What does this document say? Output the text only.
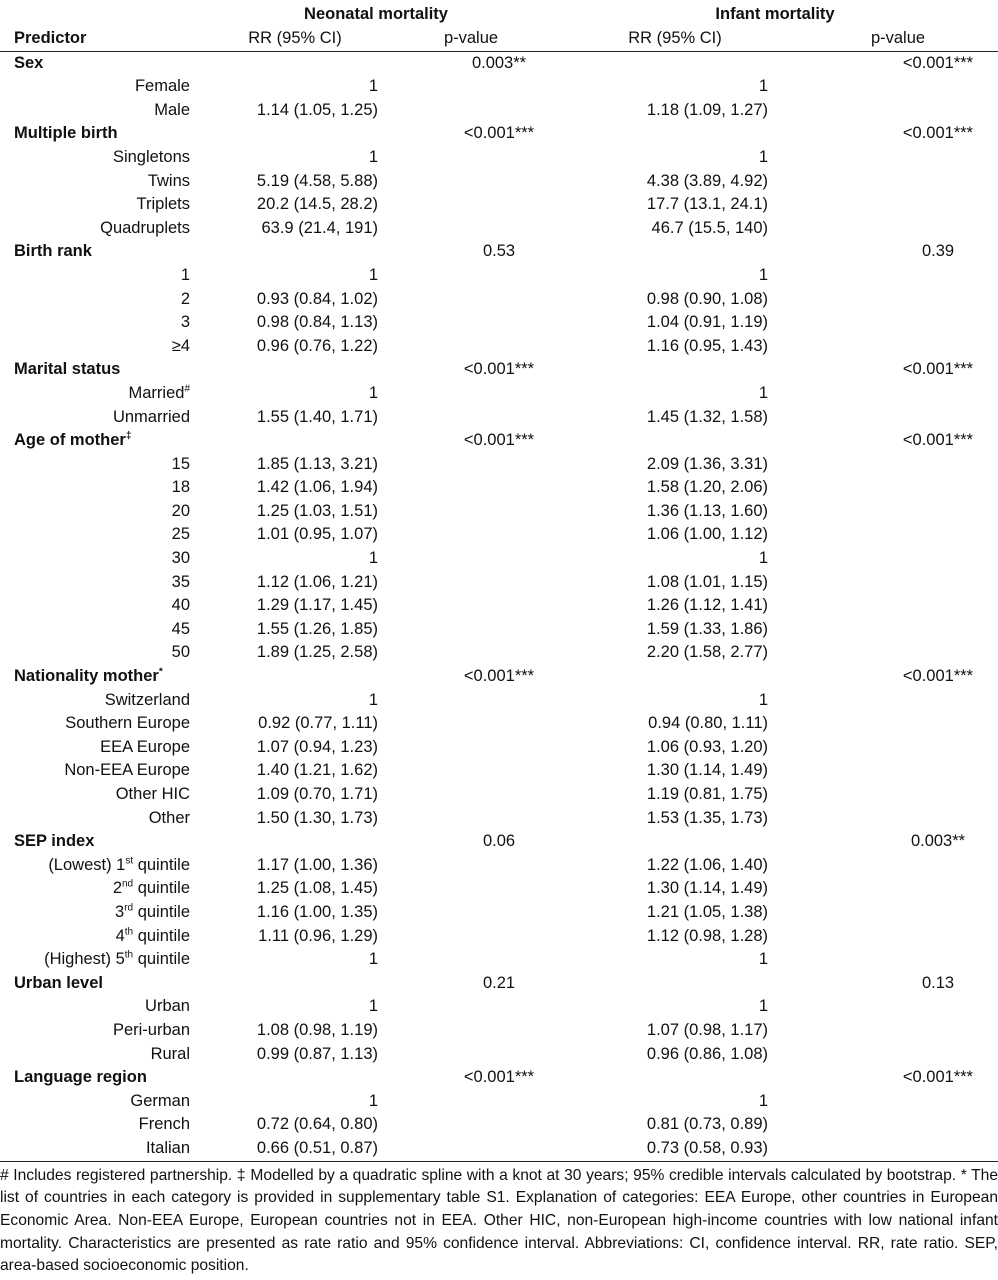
	Neonatal mortality		Infant mortality	
Predictor	RR (95% CI)	p-value	RR (95% CI)	p-value
Sex		0.003**		<0.001***
Female	1		1	
Male	1.14 (1.05, 1.25)		1.18 (1.09, 1.27)	
Multiple birth		<0.001***		<0.001***
Singletons	1		1	
Twins	5.19 (4.58, 5.88)		4.38 (3.89, 4.92)	
Triplets	20.2 (14.5, 28.2)		17.7 (13.1, 24.1)	
Quadruplets	63.9 (21.4, 191)		46.7 (15.5, 140)	
Birth rank		0.53		0.39
1	1		1	
2	0.93 (0.84, 1.02)		0.98 (0.90, 1.08)	
3	0.98 (0.84, 1.13)		1.04 (0.91, 1.19)	
≥4	0.96 (0.76, 1.22)		1.16 (0.95, 1.43)	
Marital status		<0.001***		<0.001***
Married#	1		1	
Unmarried	1.55 (1.40, 1.71)		1.45 (1.32, 1.58)	
Age of mother‡		<0.001***		<0.001***
15	1.85 (1.13, 3.21)		2.09 (1.36, 3.31)	
18	1.42 (1.06, 1.94)		1.58 (1.20, 2.06)	
20	1.25 (1.03, 1.51)		1.36 (1.13, 1.60)	
25	1.01 (0.95, 1.07)		1.06 (1.00, 1.12)	
30	1		1	
35	1.12 (1.06, 1.21)		1.08 (1.01, 1.15)	
40	1.29 (1.17, 1.45)		1.26 (1.12, 1.41)	
45	1.55 (1.26, 1.85)		1.59 (1.33, 1.86)	
50	1.89 (1.25, 2.58)		2.20 (1.58, 2.77)	
Nationality mother*		<0.001***		<0.001***
Switzerland	1		1	
Southern Europe	0.92 (0.77, 1.11)		0.94 (0.80, 1.11)	
EEA Europe	1.07 (0.94, 1.23)		1.06 (0.93, 1.20)	
Non-EEA Europe	1.40 (1.21, 1.62)		1.30 (1.14, 1.49)	
Other HIC	1.09 (0.70, 1.71)		1.19 (0.81, 1.75)	
Other	1.50 (1.30, 1.73)		1.53 (1.35, 1.73)	
SEP index		0.06		0.003**
(Lowest) 1st quintile	1.17 (1.00, 1.36)		1.22 (1.06, 1.40)	
2nd quintile	1.25 (1.08, 1.45)		1.30 (1.14, 1.49)	
3rd quintile	1.16 (1.00, 1.35)		1.21 (1.05, 1.38)	
4th quintile	1.11 (0.96, 1.29)		1.12 (0.98, 1.28)	
(Highest) 5th quintile	1		1	
Urban level		0.21		0.13
Urban	1		1	
Peri-urban	1.08 (0.98, 1.19)		1.07 (0.98, 1.17)	
Rural	0.99 (0.87, 1.13)		0.96 (0.86, 1.08)	
Language region		<0.001***		<0.001***
German	1		1	
French	0.72 (0.64, 0.80)		0.81 (0.73, 0.89)	
Italian	0.66 (0.51, 0.87)		0.73 (0.58, 0.93)	

# Includes registered partnership. ‡ Modelled by a quadratic spline with a knot at 30 years; 95% credible intervals calculated by bootstrap. * The list of countries in each category is provided in supplementary table S1. Explanation of categories: EEA Europe, other countries in European Economic Area. Non-EEA Europe, European countries not in EEA. Other HIC, non-European high-income countries with low national infant mortality. Characteristics are presented as rate ratio and 95% confidence interval. Abbreviations: CI, confidence interval. RR, rate ratio. SEP, area-based socioeconomic position.
